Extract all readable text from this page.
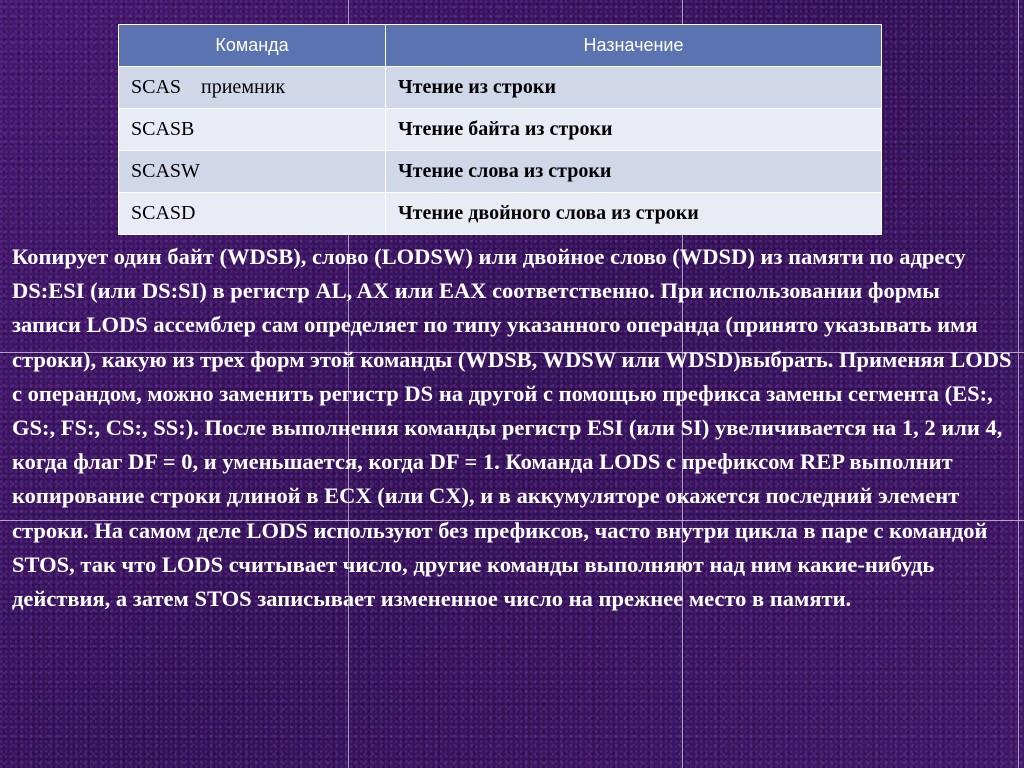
Команда	Назначение
SCAS    приемник	Чтение из строки
SCASB	Чтение байта из строки
SCASW	Чтение слова из строки
SCASD	Чтение двойного слова из строки

Копирует один байт (WDSB), слово (LODSW) или двойное слово (WDSD) из памяти по адресу DS:ESI (или DS:SI) в регистр AL, AX или EAX соответственно. При использовании формы записи LODS ассемблер сам определяет по типу указанного операнда (принято указывать имя строки), какую из трех форм этой команды (WDSB, WDSW или WDSD)выбрать. Применяя LODS с операндом, можно заменить регистр DS на другой с помощью префикса замены сегмента (ES:, GS:, FS:, CS:, SS:). После выполнения команды регистр ESI (или SI) увеличивается на 1, 2 или 4, когда флаг DF = 0, и уменьшается, когда DF = 1. Команда LODS с префиксом REP выполнит копирование строки длиной в ECX (или CX), и в аккумуляторе окажется последний элемент строки. На самом деле LODS используют без префиксов, часто внутри цикла в паре с командой STOS, так что LODS считывает число, другие команды выполняют над ним какие-нибудь действия, а затем STOS записывает измененное число на прежнее место в памяти.
